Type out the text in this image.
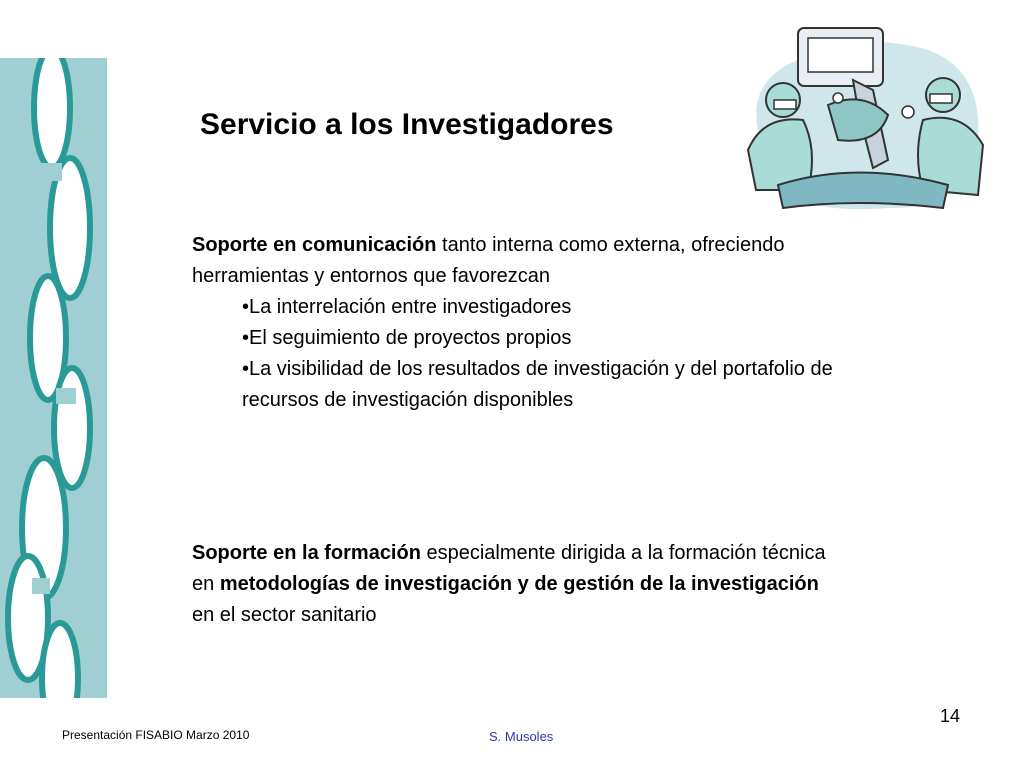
Servicio a los Investigadores
Soporte en comunicación tanto interna como externa, ofreciendo herramientas y entornos que favorezcan
•La interrelación entre investigadores
•El seguimiento de proyectos propios
•La visibilidad de los resultados de investigación y del portafolio de recursos de investigación disponibles
Soporte en la formación especialmente dirigida a la formación técnica en metodologías de investigación y de gestión de la investigación en el sector sanitario
14
Presentación FISABIO Marzo 2010	S. Musoles
